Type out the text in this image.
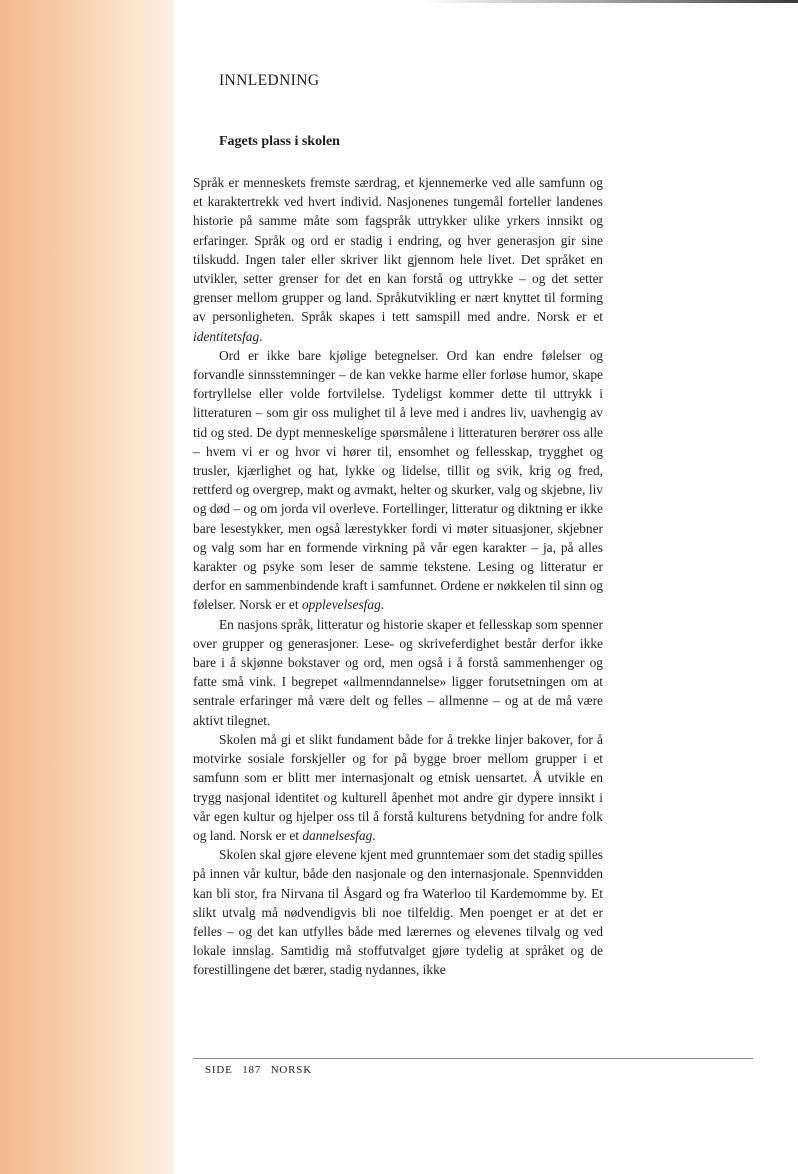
INNLEDNING
Fagets plass i skolen

Språk er menneskets fremste særdrag, et kjennemerke ved alle samfunn og et karaktertrekk ved hvert individ. Nasjonenes tungemål forteller landenes historie på samme måte som fagspråk uttrykker ulike yrkers innsikt og erfaringer. Språk og ord er stadig i endring, og hver generasjon gir sine tilskudd. Ingen taler eller skriver likt gjennom hele livet. Det språket en utvikler, setter grenser for det en kan forstå og uttrykke – og det setter grenser mellom grupper og land. Språkutvikling er nært knyttet til forming av personligheten. Språk skapes i tett samspill med andre. Norsk er et identitetsfag.

Ord er ikke bare kjølige betegnelser. Ord kan endre følelser og forvandle sinnsstemninger – de kan vekke harme eller forløse humor, skape fortryllelse eller volde fortvilelse. Tydeligst kommer dette til uttrykk i litteraturen – som gir oss mulighet til å leve med i andres liv, uavhengig av tid og sted. De dypt menneskelige spørsmålene i litteraturen berører oss alle – hvem vi er og hvor vi hører til, ensomhet og fellesskap, trygghet og trusler, kjærlighet og hat, lykke og lidelse, tillit og svik, krig og fred, rettferd og overgrep, makt og avmakt, helter og skurker, valg og skjebne, liv og død – og om jorda vil overleve. Fortellinger, litteratur og diktning er ikke bare lesestykker, men også lærestykker fordi vi møter situasjoner, skjebner og valg som har en formende virkning på vår egen karakter – ja, på alles karakter og psyke som leser de samme tekstene. Lesing og litteratur er derfor en sammenbindende kraft i samfunnet. Ordene er nøkkelen til sinn og følelser. Norsk er et opplevelsesfag.

En nasjons språk, litteratur og historie skaper et fellesskap som spenner over grupper og generasjoner. Lese- og skriveferdighet består derfor ikke bare i å skjønne bokstaver og ord, men også i å forstå sammenhenger og fatte små vink. I begrepet «allmenndannelse» ligger forutsetningen om at sentrale erfaringer må være delt og felles – allmenne – og at de må være aktivt tilegnet.

Skolen må gi et slikt fundament både for å trekke linjer bakover, for å motvirke sosiale forskjeller og for på bygge broer mellom grupper i et samfunn som er blitt mer internasjonalt og etnisk uensartet. Å utvikle en trygg nasjonal identitet og kulturell åpenhet mot andre gir dypere innsikt i vår egen kultur og hjelper oss til å forstå kulturens betydning for andre folk og land. Norsk er et dannelsesfag.

Skolen skal gjøre elevene kjent med grunntemaer som det stadig spilles på innen vår kultur, både den nasjonale og den internasjonale. Spennvidden kan bli stor, fra Nirvana til Åsgard og fra Waterloo til Kardemomme by. Et slikt utvalg må nødvendigvis bli noe tilfeldig. Men poenget er at det er felles – og det kan utfylles både med lærernes og elevenes tilvalg og ved lokale innslag. Samtidig må stoffutvalget gjøre tydelig at språket og de forestillingene det bærer, stadig nydannes, ikke

SIDE 187 NORSK
